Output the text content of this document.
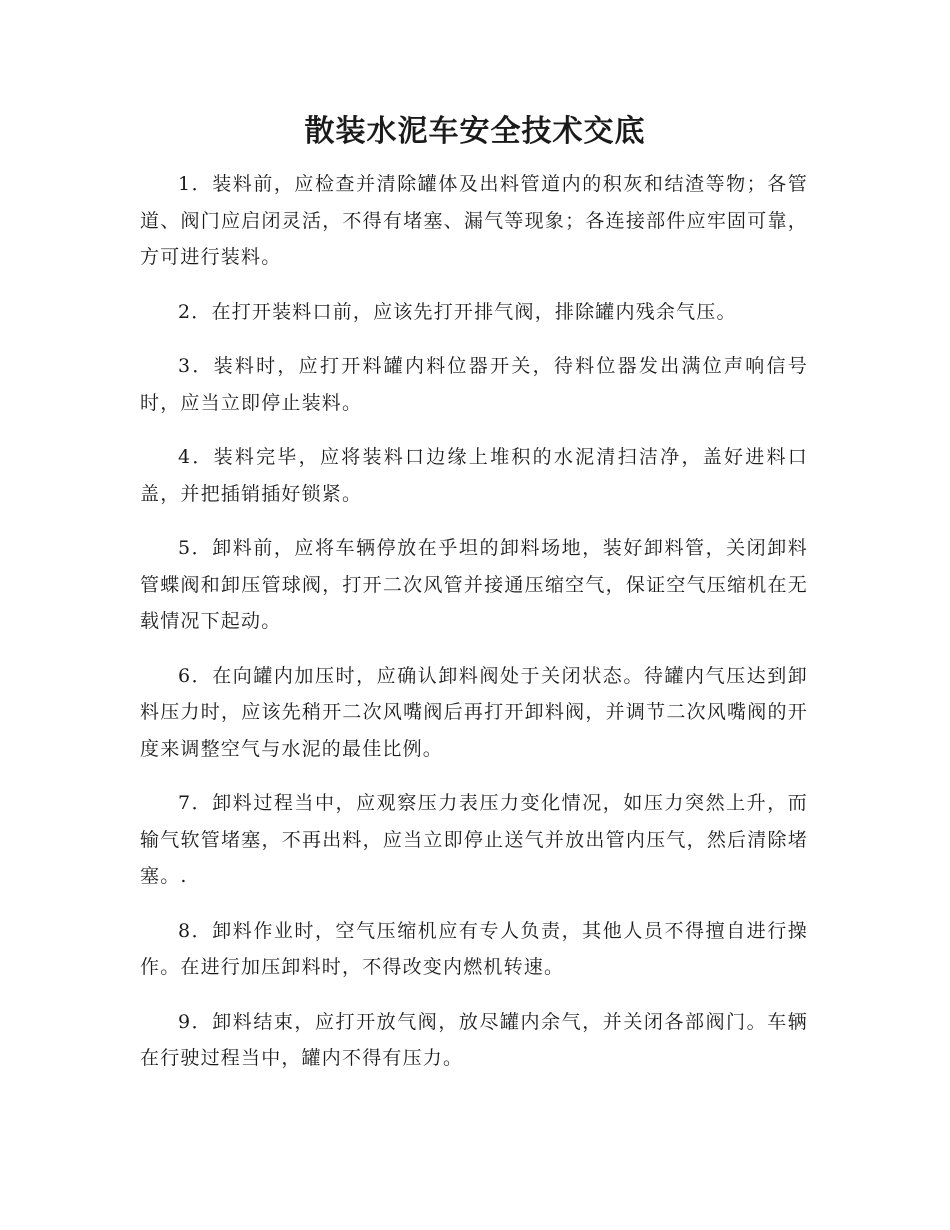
散装水泥车安全技术交底
1．装料前，应检查并清除罐体及出料管道内的积灰和结渣等物；各管道、阀门应启闭灵活，不得有堵塞、漏气等现象；各连接部件应牢固可靠，方可进行装料。
2．在打开装料口前，应该先打开排气阀，排除罐内残余气压。
3．装料时，应打开料罐内料位器开关，待料位器发出满位声响信号时，应当立即停止装料。
4．装料完毕，应将装料口边缘上堆积的水泥清扫洁净，盖好进料口盖，并把插销插好锁紧。
5．卸料前，应将车辆停放在乎坦的卸料场地，装好卸料管，关闭卸料管蝶阀和卸压管球阀，打开二次风管并接通压缩空气，保证空气压缩机在无载情况下起动。
6．在向罐内加压时，应确认卸料阀处于关闭状态。待罐内气压达到卸料压力时，应该先稍开二次风嘴阀后再打开卸料阀，并调节二次风嘴阀的开度来调整空气与水泥的最佳比例。
7．卸料过程当中，应观察压力表压力变化情况，如压力突然上升，而输气软管堵塞，不再出料，应当立即停止送气并放出管内压气，然后清除堵塞。.
8．卸料作业时，空气压缩机应有专人负责，其他人员不得擅自进行操作。在进行加压卸料时，不得改变内燃机转速。
9．卸料结束，应打开放气阀，放尽罐内余气，并关闭各部阀门。车辆在行驶过程当中，罐内不得有压力。
